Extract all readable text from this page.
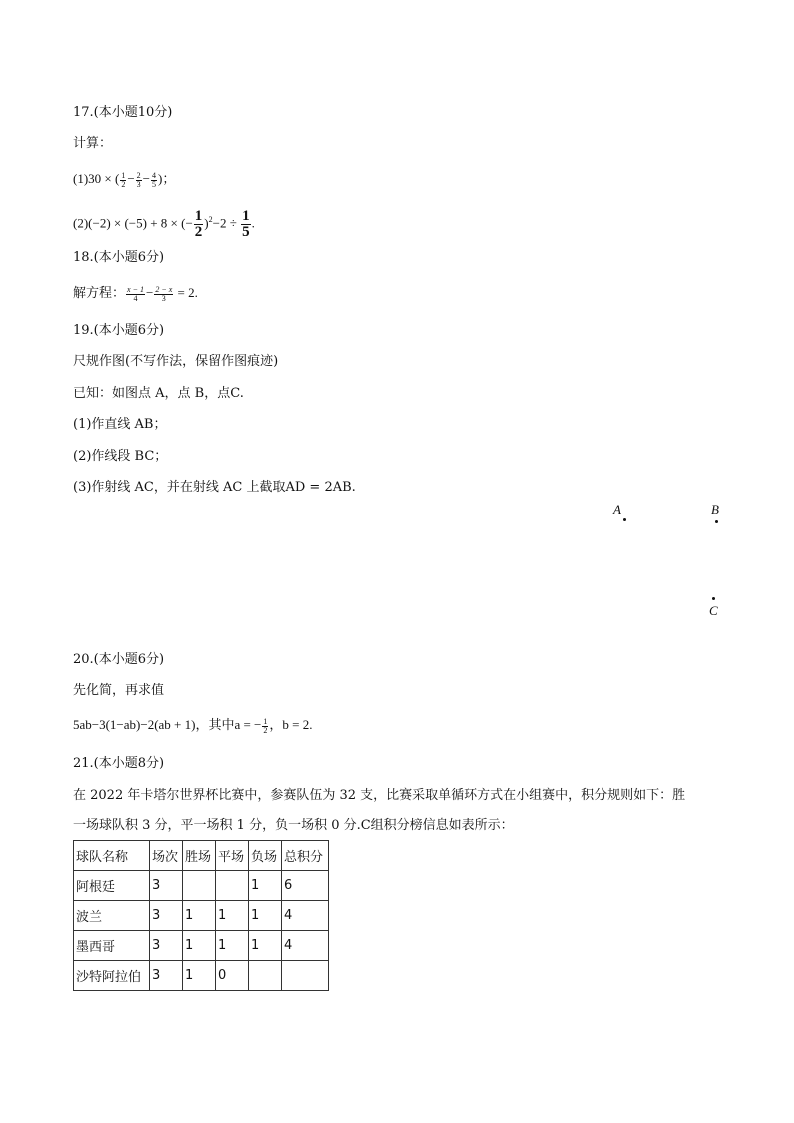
17.(本小题10分)
计算：
(1)30 × ( $\frac{1}{2} - \frac{2}{3} - \frac{4}{5}$ )；
(2)(−2) × (−5) + 8 × (− $\frac{1}{2} )^2-2 \div \frac{1}{5}$ .
18.(本小题6分)
解方程： $\frac{x - 1}{4} - \frac{2 - x}{3} = 2$.
19.(本小题6分)
尺规作图(不写作法，保留作图痕迹)
已知：如图点 A，点 B，点C.
(1)作直线 AB；
(2)作线段 BC；
(3)作射线 AC，并在射线 AC 上截取AD = 2AB.
A	B
C
20.(本小题6分)
先化简，再求值
5ab−3(1−ab)−2(ab + 1)，其中a = − $\frac{1}{2}$ ，b = 2.
21.(本小题8分)
在 2022 年卡塔尔世界杯比赛中，参赛队伍为 32 支，比赛采取单循环方式在小组赛中，积分规则如下：胜
一场球队积 3 分，平一场积 1 分，负一场积 0 分.C组积分榜信息如表所示：
球队名称	场次	胜场	平场	负场	总积分
阿根廷	3			1	6
波兰	3	1	1	1	4
墨西哥	3	1	1	1	4
沙特阿拉伯	3	1	0		
